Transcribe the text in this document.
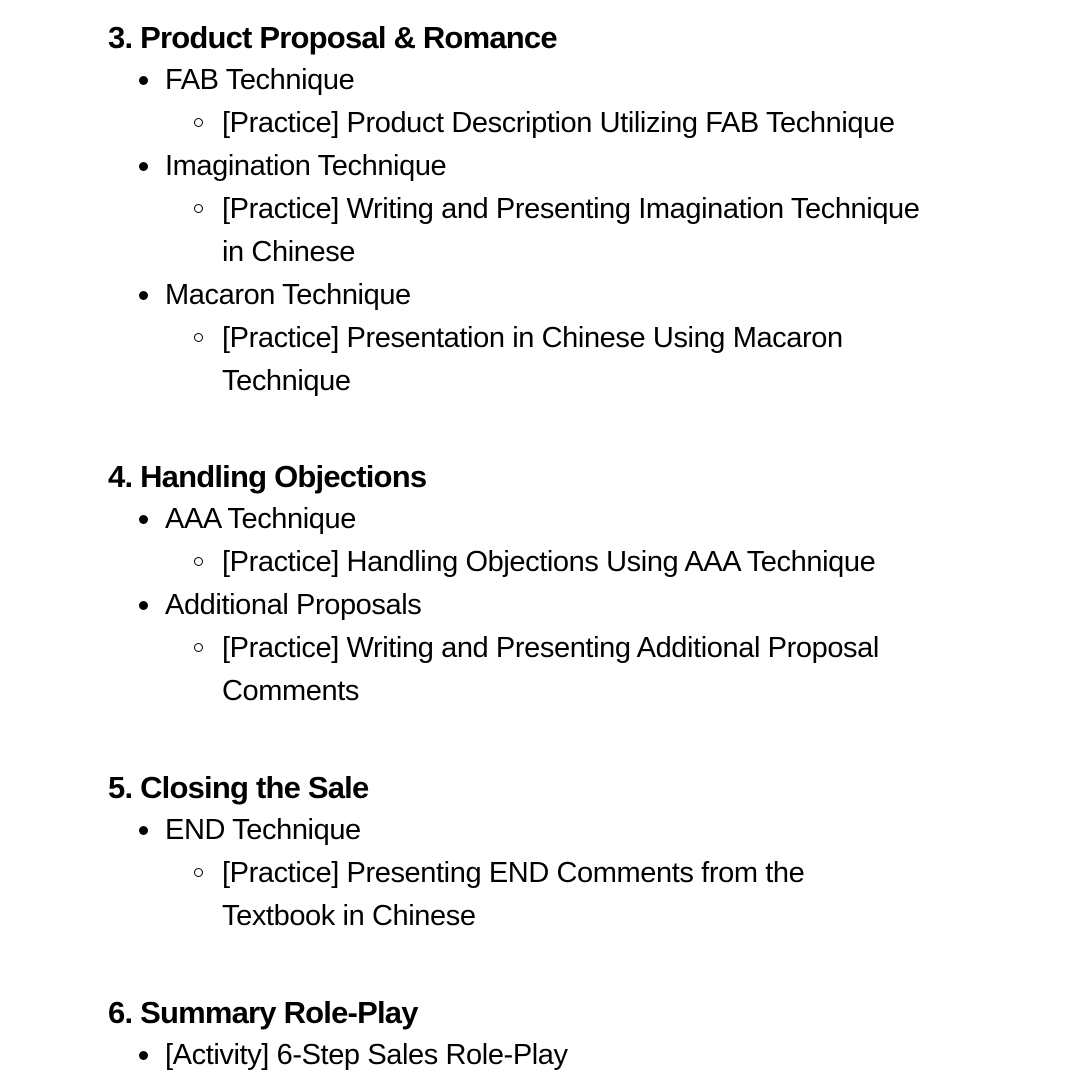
3. Product Proposal & Romance
FAB Technique
[Practice] Product Description Utilizing FAB Technique
Imagination Technique
[Practice] Writing and Presenting Imagination Technique in Chinese
Macaron Technique
[Practice] Presentation in Chinese Using Macaron Technique
4. Handling Objections
AAA Technique
[Practice] Handling Objections Using AAA Technique
Additional Proposals
[Practice] Writing and Presenting Additional Proposal Comments
5. Closing the Sale
END Technique
[Practice] Presenting END Comments from the Textbook in Chinese
6. Summary Role-Play
[Activity] 6-Step Sales Role-Play
